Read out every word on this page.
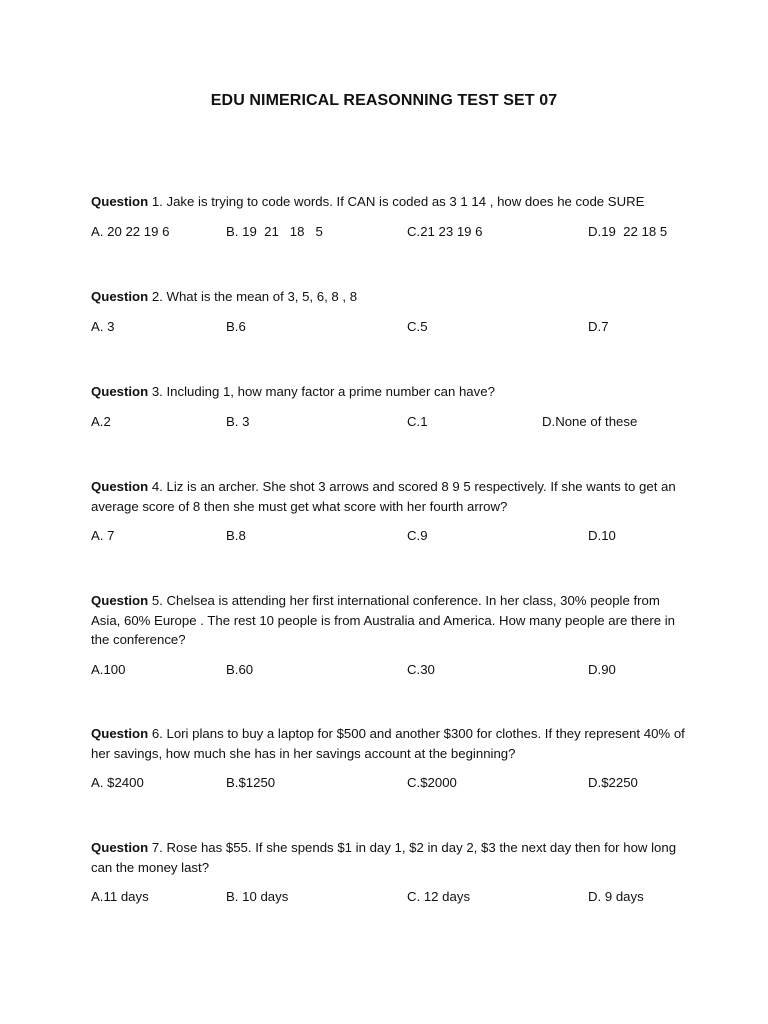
EDU NIMERICAL REASONNING TEST SET 07

Question 1. Jake is trying to code words. If CAN is coded as 3 1 14 , how does he code SURE

A. 20 22 19 6	B. 19  21   18   5	C.21 23 19 6	D.19  22 18 5

Question 2. What is the mean of 3, 5, 6, 8 , 8

A. 3	B.6	C.5	D.7

Question 3. Including 1, how many factor a prime number can have?

A.2	B. 3	C.1	D.None of these

Question 4. Liz is an archer. She shot 3 arrows and scored 8 9 5 respectively. If she wants to get an average score of 8 then she must get what score with her fourth arrow?

A. 7	B.8	C.9	D.10

Question 5. Chelsea is attending her first international conference. In her class, 30% people from Asia, 60% Europe . The rest 10 people is from Australia and America. How many people are there in the conference?

A.100	B.60	C.30	D.90

Question 6. Lori plans to buy a laptop for $500 and another $300 for clothes. If they represent 40% of her savings, how much she has in her savings account at the beginning?

A. $2400	B.$1250	C.$2000	D.$2250

Question 7. Rose has $55. If she spends $1 in day 1, $2 in day 2, $3 the next day then for how long can the money last?

A.11 days	B. 10 days	C. 12 days	D. 9 days
